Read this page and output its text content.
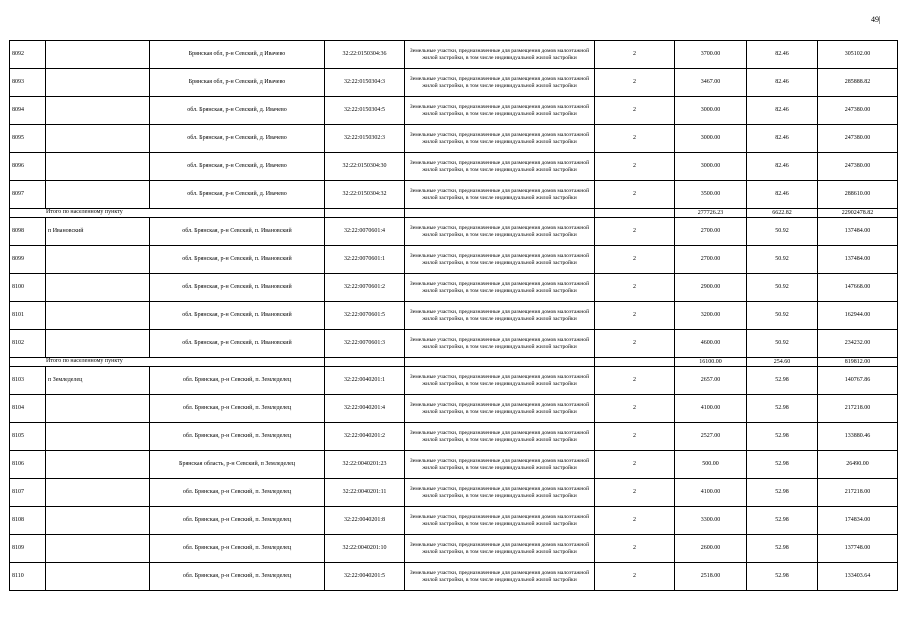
49|
8092		Брянская обл, р-н Севский, д Ивачево	32:22:0150304:36	Земельные участки, предназначенные для размещения домов малоэтажной жилой застройки, в том числе индивидуальной жилой застройки	2	3700.00	82.46	305102.00
8093		Брянская обл, р-н Севский, д Ивачево	32:22:0150304:3	Земельные участки, предназначенные для размещения домов малоэтажной жилой застройки, в том числе индивидуальной жилой застройки	2	3467.00	82.46	285888.82
8094		обл. Брянская, р-н Севский, д. Ивачево	32:22:0150304:5	Земельные участки, предназначенные для размещения домов малоэтажной жилой застройки, в том числе индивидуальной жилой застройки	2	3000.00	82.46	247380.00
8095		обл. Брянская, р-н Севский, д. Ивачево	32:22:0150302:3	Земельные участки, предназначенные для размещения домов малоэтажной жилой застройки, в том числе индивидуальной жилой застройки	2	3000.00	82.46	247380.00
8096		обл. Брянская, р-н Севский, д. Ивачево	32:22:0150304:30	Земельные участки, предназначенные для размещения домов малоэтажной жилой застройки, в том числе индивидуальной жилой застройки	2	3000.00	82.46	247380.00
8097		обл. Брянская, р-н Севский, д. Ивачево	32:22:0150304:32	Земельные участки, предназначенные для размещения домов малоэтажной жилой застройки, в том числе индивидуальной жилой застройки	2	3500.00	82.46	288610.00
Итого по населенному пункту						277726.23	6622.82	22902478.82
8098	п Ивановский	обл. Брянская, р-н Севский, п. Ивановский	32:22:0070601:4	Земельные участки, предназначенные для размещения домов малоэтажной жилой застройки, в том числе индивидуальной жилой застройки	2	2700.00	50.92	137484.00
8099		обл. Брянская, р-н Севский, п. Ивановский	32:22:0070601:1	Земельные участки, предназначенные для размещения домов малоэтажной жилой застройки, в том числе индивидуальной жилой застройки	2	2700.00	50.92	137484.00
8100		обл. Брянская, р-н Севский, п. Ивановский	32:22:0070601:2	Земельные участки, предназначенные для размещения домов малоэтажной жилой застройки, в том числе индивидуальной жилой застройки	2	2900.00	50.92	147668.00
8101		обл. Брянская, р-н Севский, п. Ивановский	32:22:0070601:5	Земельные участки, предназначенные для размещения домов малоэтажной жилой застройки, в том числе индивидуальной жилой застройки	2	3200.00	50.92	162944.00
8102		обл. Брянская, р-н Севский, п. Ивановский	32:22:0070601:3	Земельные участки, предназначенные для размещения домов малоэтажной жилой застройки, в том числе индивидуальной жилой застройки	2	4600.00	50.92	234232.00
Итого по населенному пункту						16100.00	254.60	819812.00
8103	п Земледелец	обл. Брянская, р-н Севский, п. Земледелец	32:22:0040201:1	Земельные участки, предназначенные для размещения домов малоэтажной жилой застройки, в том числе индивидуальной жилой застройки	2	2657.00	52.98	140767.86
8104		обл. Брянская, р-н Севский, п. Земледелец	32:22:0040201:4	Земельные участки, предназначенные для размещения домов малоэтажной жилой застройки, в том числе индивидуальной жилой застройки	2	4100.00	52.98	217218.00
8105		обл. Брянская, р-н Севский, п. Земледелец	32:22:0040201:2	Земельные участки, предназначенные для размещения домов малоэтажной жилой застройки, в том числе индивидуальной жилой застройки	2	2527.00	52.98	133880.46
8106		Брянская область, р-н Севский, п Земледелец	32:22:0040201:23	Земельные участки, предназначенные для размещения домов малоэтажной жилой застройки, в том числе индивидуальной жилой застройки	2	500.00	52.98	26490.00
8107		обл. Брянская, р-н Севский, п. Земледелец	32:22:0040201:11	Земельные участки, предназначенные для размещения домов малоэтажной жилой застройки, в том числе индивидуальной жилой застройки	2	4100.00	52.98	217218.00
8108		обл. Брянская, р-н Севский, п. Земледелец	32:22:0040201:8	Земельные участки, предназначенные для размещения домов малоэтажной жилой застройки, в том числе индивидуальной жилой застройки	2	3300.00	52.98	174834.00
8109		обл. Брянская, р-н Севский, п. Земледелец	32:22:0040201:10	Земельные участки, предназначенные для размещения домов малоэтажной жилой застройки, в том числе индивидуальной жилой застройки	2	2600.00	52.98	137748.00
8110		обл. Брянская, р-н Севский, п. Земледелец	32:22:0040201:5	Земельные участки, предназначенные для размещения домов малоэтажной жилой застройки, в том числе индивидуальной жилой застройки	2	2518.00	52.98	133403.64
